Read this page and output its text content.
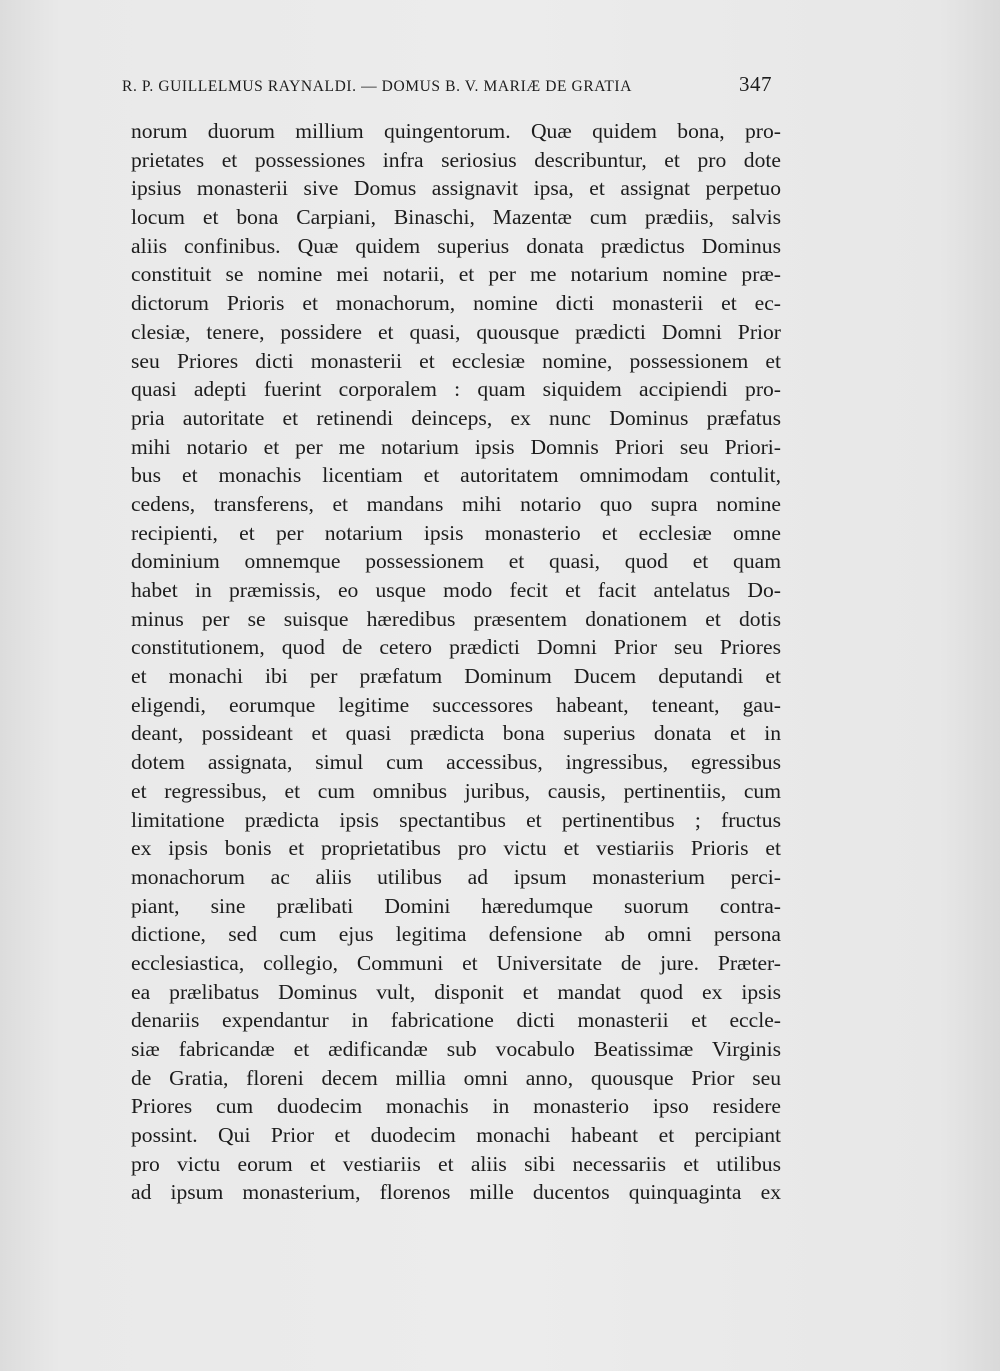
R. P. GUILLELMUS RAYNALDI. — DOMUS B. V. MARIÆ DE GRATIA	347
norum duorum millium quingentorum. Quæ quidem bona, pro-
prietates et possessiones infra seriosius describuntur, et pro dote
ipsius monasterii sive Domus assignavit ipsa, et assignat perpetuo
locum et bona Carpiani, Binaschi, Mazentæ cum prædiis, salvis
aliis confinibus. Quæ quidem superius donata prædictus Dominus
constituit se nomine mei notarii, et per me notarium nomine præ-
dictorum Prioris et monachorum, nomine dicti monasterii et ec-
clesiæ, tenere, possidere et quasi, quousque prædicti Domni Prior
seu Priores dicti monasterii et ecclesiæ nomine, possessionem et
quasi adepti fuerint corporalem : quam siquidem accipiendi pro-
pria autoritate et retinendi deinceps, ex nunc Dominus præfatus
mihi notario et per me notarium ipsis Domnis Priori seu Priori-
bus et monachis licentiam et autoritatem omnimodam contulit,
cedens, transferens, et mandans mihi notario quo supra nomine
recipienti, et per notarium ipsis monasterio et ecclesiæ omne
dominium omnemque possessionem et quasi, quod et quam
habet in præmissis, eo usque modo fecit et facit antelatus Do-
minus per se suisque hæredibus præsentem donationem et dotis
constitutionem, quod de cetero prædicti Domni Prior seu Priores
et monachi ibi per præfatum Dominum Ducem deputandi et
eligendi, eorumque legitime successores habeant, teneant, gau-
deant, possideant et quasi prædicta bona superius donata et in
dotem assignata, simul cum accessibus, ingressibus, egressibus
et regressibus, et cum omnibus juribus, causis, pertinentiis, cum
limitatione prædicta ipsis spectantibus et pertinentibus ; fructus
ex ipsis bonis et proprietatibus pro victu et vestiariis Prioris et
monachorum ac aliis utilibus ad ipsum monasterium perci-
piant, sine prælibati Domini hæredumque suorum contra-
dictione, sed cum ejus legitima defensione ab omni persona
ecclesiastica, collegio, Communi et Universitate de jure. Præter-
ea prælibatus Dominus vult, disponit et mandat quod ex ipsis
denariis expendantur in fabricatione dicti monasterii et eccle-
siæ fabricandæ et ædificandæ sub vocabulo Beatissimæ Virginis
de Gratia, floreni decem millia omni anno, quousque Prior seu
Priores cum duodecim monachis in monasterio ipso residere
possint. Qui Prior et duodecim monachi habeant et percipiant
pro victu eorum et vestiariis et aliis sibi necessariis et utilibus
ad ipsum monasterium, florenos mille ducentos quinquaginta ex
